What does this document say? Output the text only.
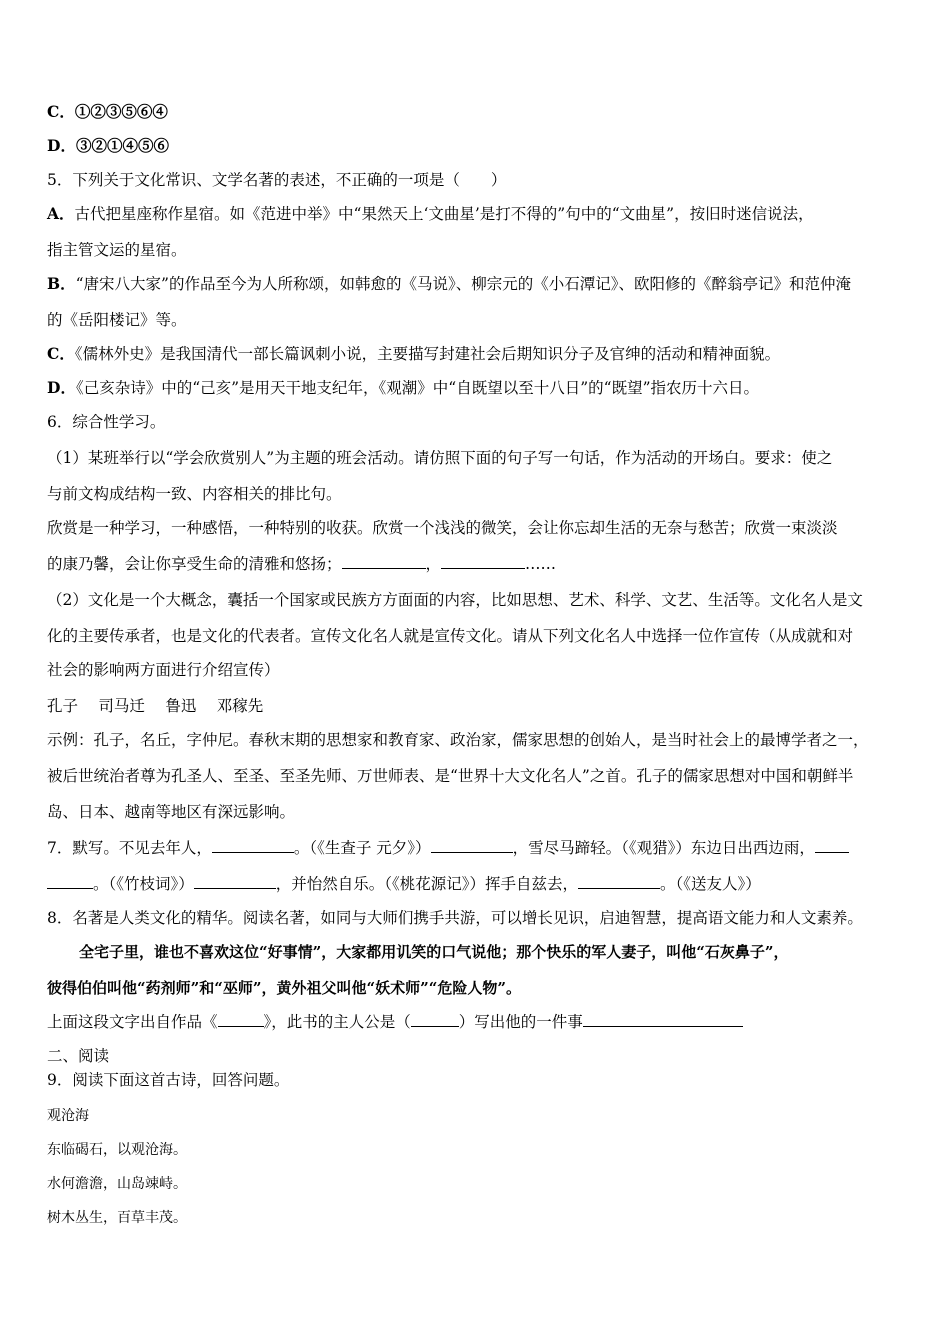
C．①②③⑤⑥④
D．③②①④⑤⑥
5．下列关于文化常识、文学名著的表述，不正确的一项是（　　）
A．古代把星座称作星宿。如《范进中举》中“果然天上‘文曲星’是打不得的”句中的“文曲星”，按旧时迷信说法，
指主管文运的星宿。
B．“唐宋八大家”的作品至今为人所称颂，如韩愈的《马说》、柳宗元的《小石潭记》、欧阳修的《醉翁亭记》和范仲淹
的《岳阳楼记》等。
C．《儒林外史》是我国清代一部长篇讽刺小说，主要描写封建社会后期知识分子及官绅的活动和精神面貌。
D．《己亥杂诗》中的“己亥”是用天干地支纪年，《观潮》中“自既望以至十八日”的“既望”指农历十六日。
6．综合性学习。
（1）某班举行以“学会欣赏别人”为主题的班会活动。请仿照下面的句子写一句话，作为活动的开场白。要求：使之
与前文构成结构一致、内容相关的排比句。
欣赏是一种学习，一种感悟，一种特别的收获。欣赏一个浅浅的微笑，会让你忘却生活的无奈与愁苦；欣赏一束淡淡
的康乃馨，会让你享受生命的清雅和悠扬；	，	……
（2）文化是一个大概念，囊括一个国家或民族方方面面的内容，比如思想、艺术、科学、文艺、生活等。文化名人是文
化的主要传承者，也是文化的代表者。宣传文化名人就是宣传文化。请从下列文化名人中选择一位作宣传（从成就和对
社会的影响两方面进行介绍宣传）
孔子　 司马迁　 鲁迅　 邓稼先
示例：孔子，名丘，字仲尼。春秋末期的思想家和教育家、政治家，儒家思想的创始人，是当时社会上的最博学者之一，
被后世统治者尊为孔圣人、至圣、至圣先师、万世师表、是“世界十大文化名人”之首。孔子的儒家思想对中国和朝鲜半
岛、日本、越南等地区有深远影响。
7．默写。不见去年人，	。（《生查子 元夕》）	，雪尽马蹄轻。（《观猎》）东边日出西边雨，
。（《竹枝词》）	，并怡然自乐。（《桃花源记》）挥手自兹去，	。（《送友人》）
8．名著是人类文化的精华。阅读名著，如同与大师们携手共游，可以增长见识，启迪智慧，提高语文能力和人文素养。
全宅子里，谁也不喜欢这位“好事情”，大家都用讥笑的口气说他；那个快乐的军人妻子，叫他“石灰鼻子”，
彼得伯伯叫他“药剂师”和“巫师”，黄外祖父叫他“妖术师”“危险人物”。
上面这段文字出自作品《	》，此书的主人公是（	）写出他的一件事
二、阅读
9．阅读下面这首古诗，回答问题。
观沧海
东临碣石，以观沧海。
水何澹澹，山岛竦峙。
树木丛生，百草丰茂。
